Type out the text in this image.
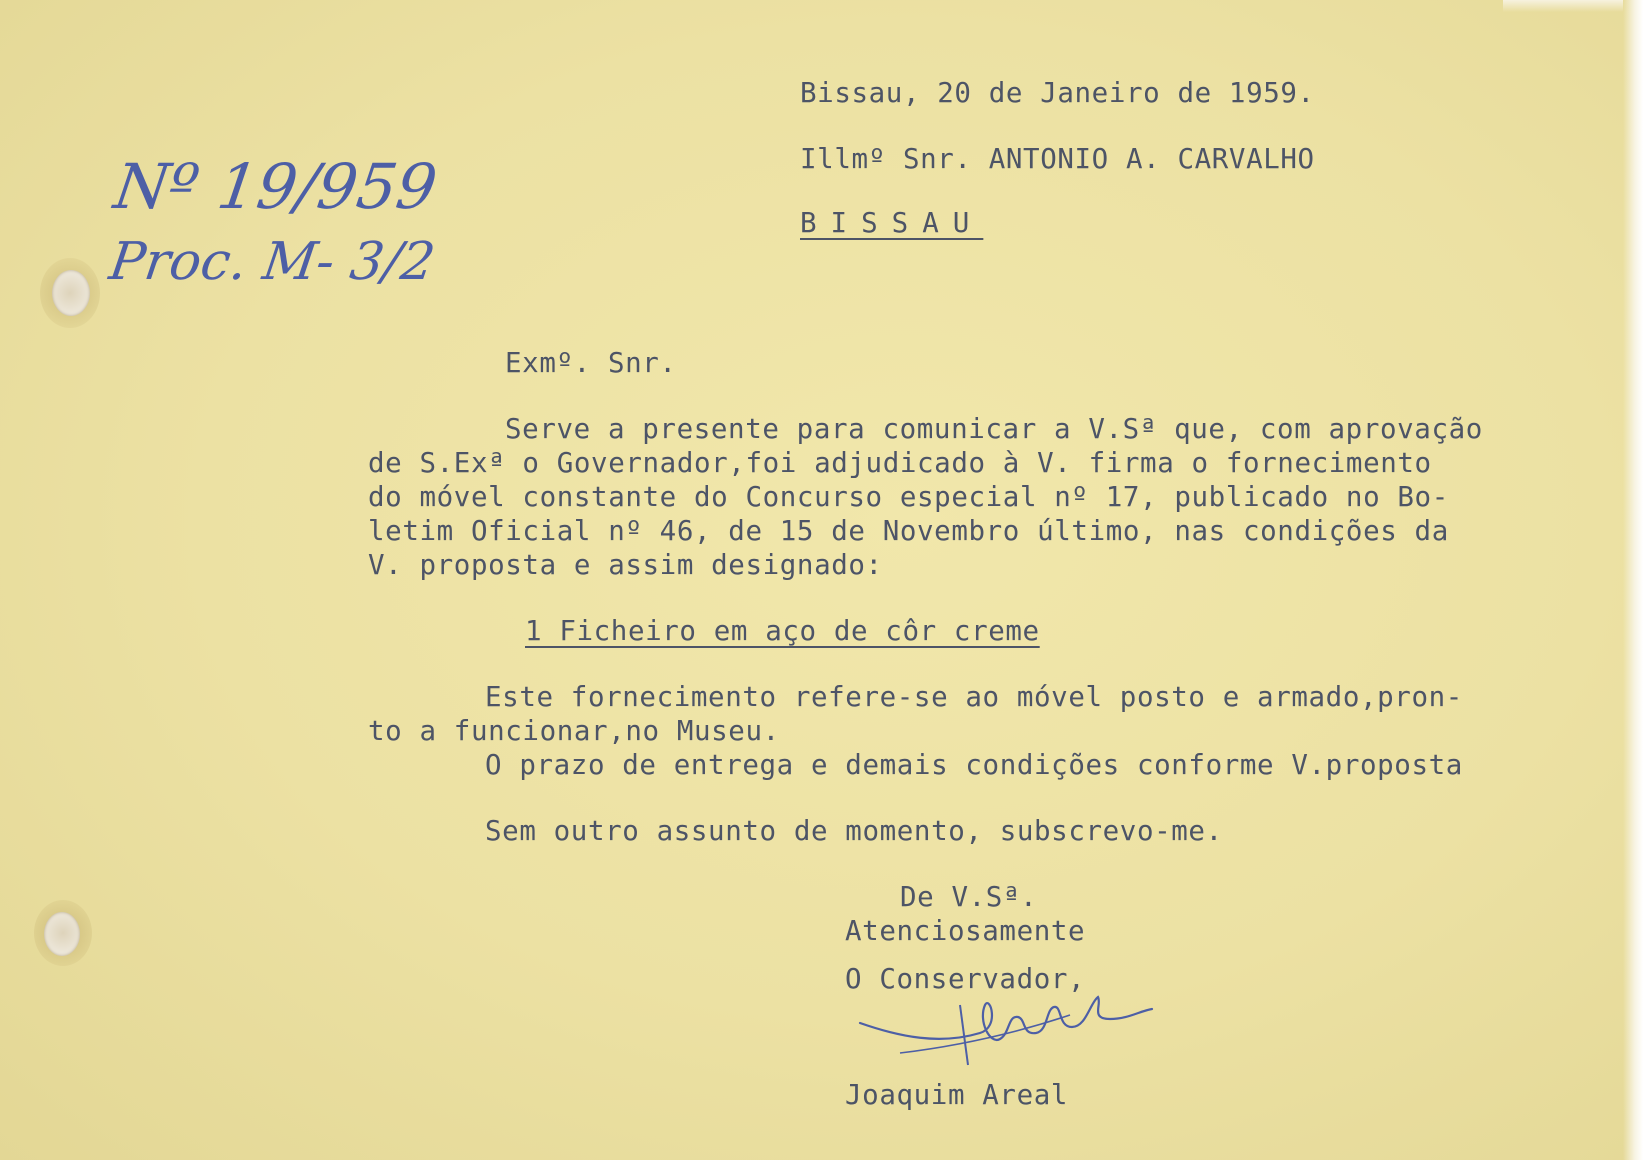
Nº 19/959
Proc. M- 3/2
Bissau, 20 de Janeiro de 1959.
Illmº Snr. ANTONIO A. CARVALHO
BISSAU
Exmº. Snr.
Serve a presente para comunicar a V.Sª que, com aprovação
de S.Exª o Governador,foi adjudicado à V. firma o fornecimento
do móvel constante do Concurso especial nº 17, publicado no Bo-
letim Oficial nº 46, de 15 de Novembro último, nas condições da
V. proposta e assim designado:
1 Ficheiro em aço de côr creme
Este fornecimento refere-se ao móvel posto e armado,pron-
to a funcionar,no Museu.
O prazo de entrega e demais condições conforme V.proposta
Sem outro assunto de momento, subscrevo-me.
De V.Sª.
Atenciosamente
O Conservador,
Joaquim Areal
